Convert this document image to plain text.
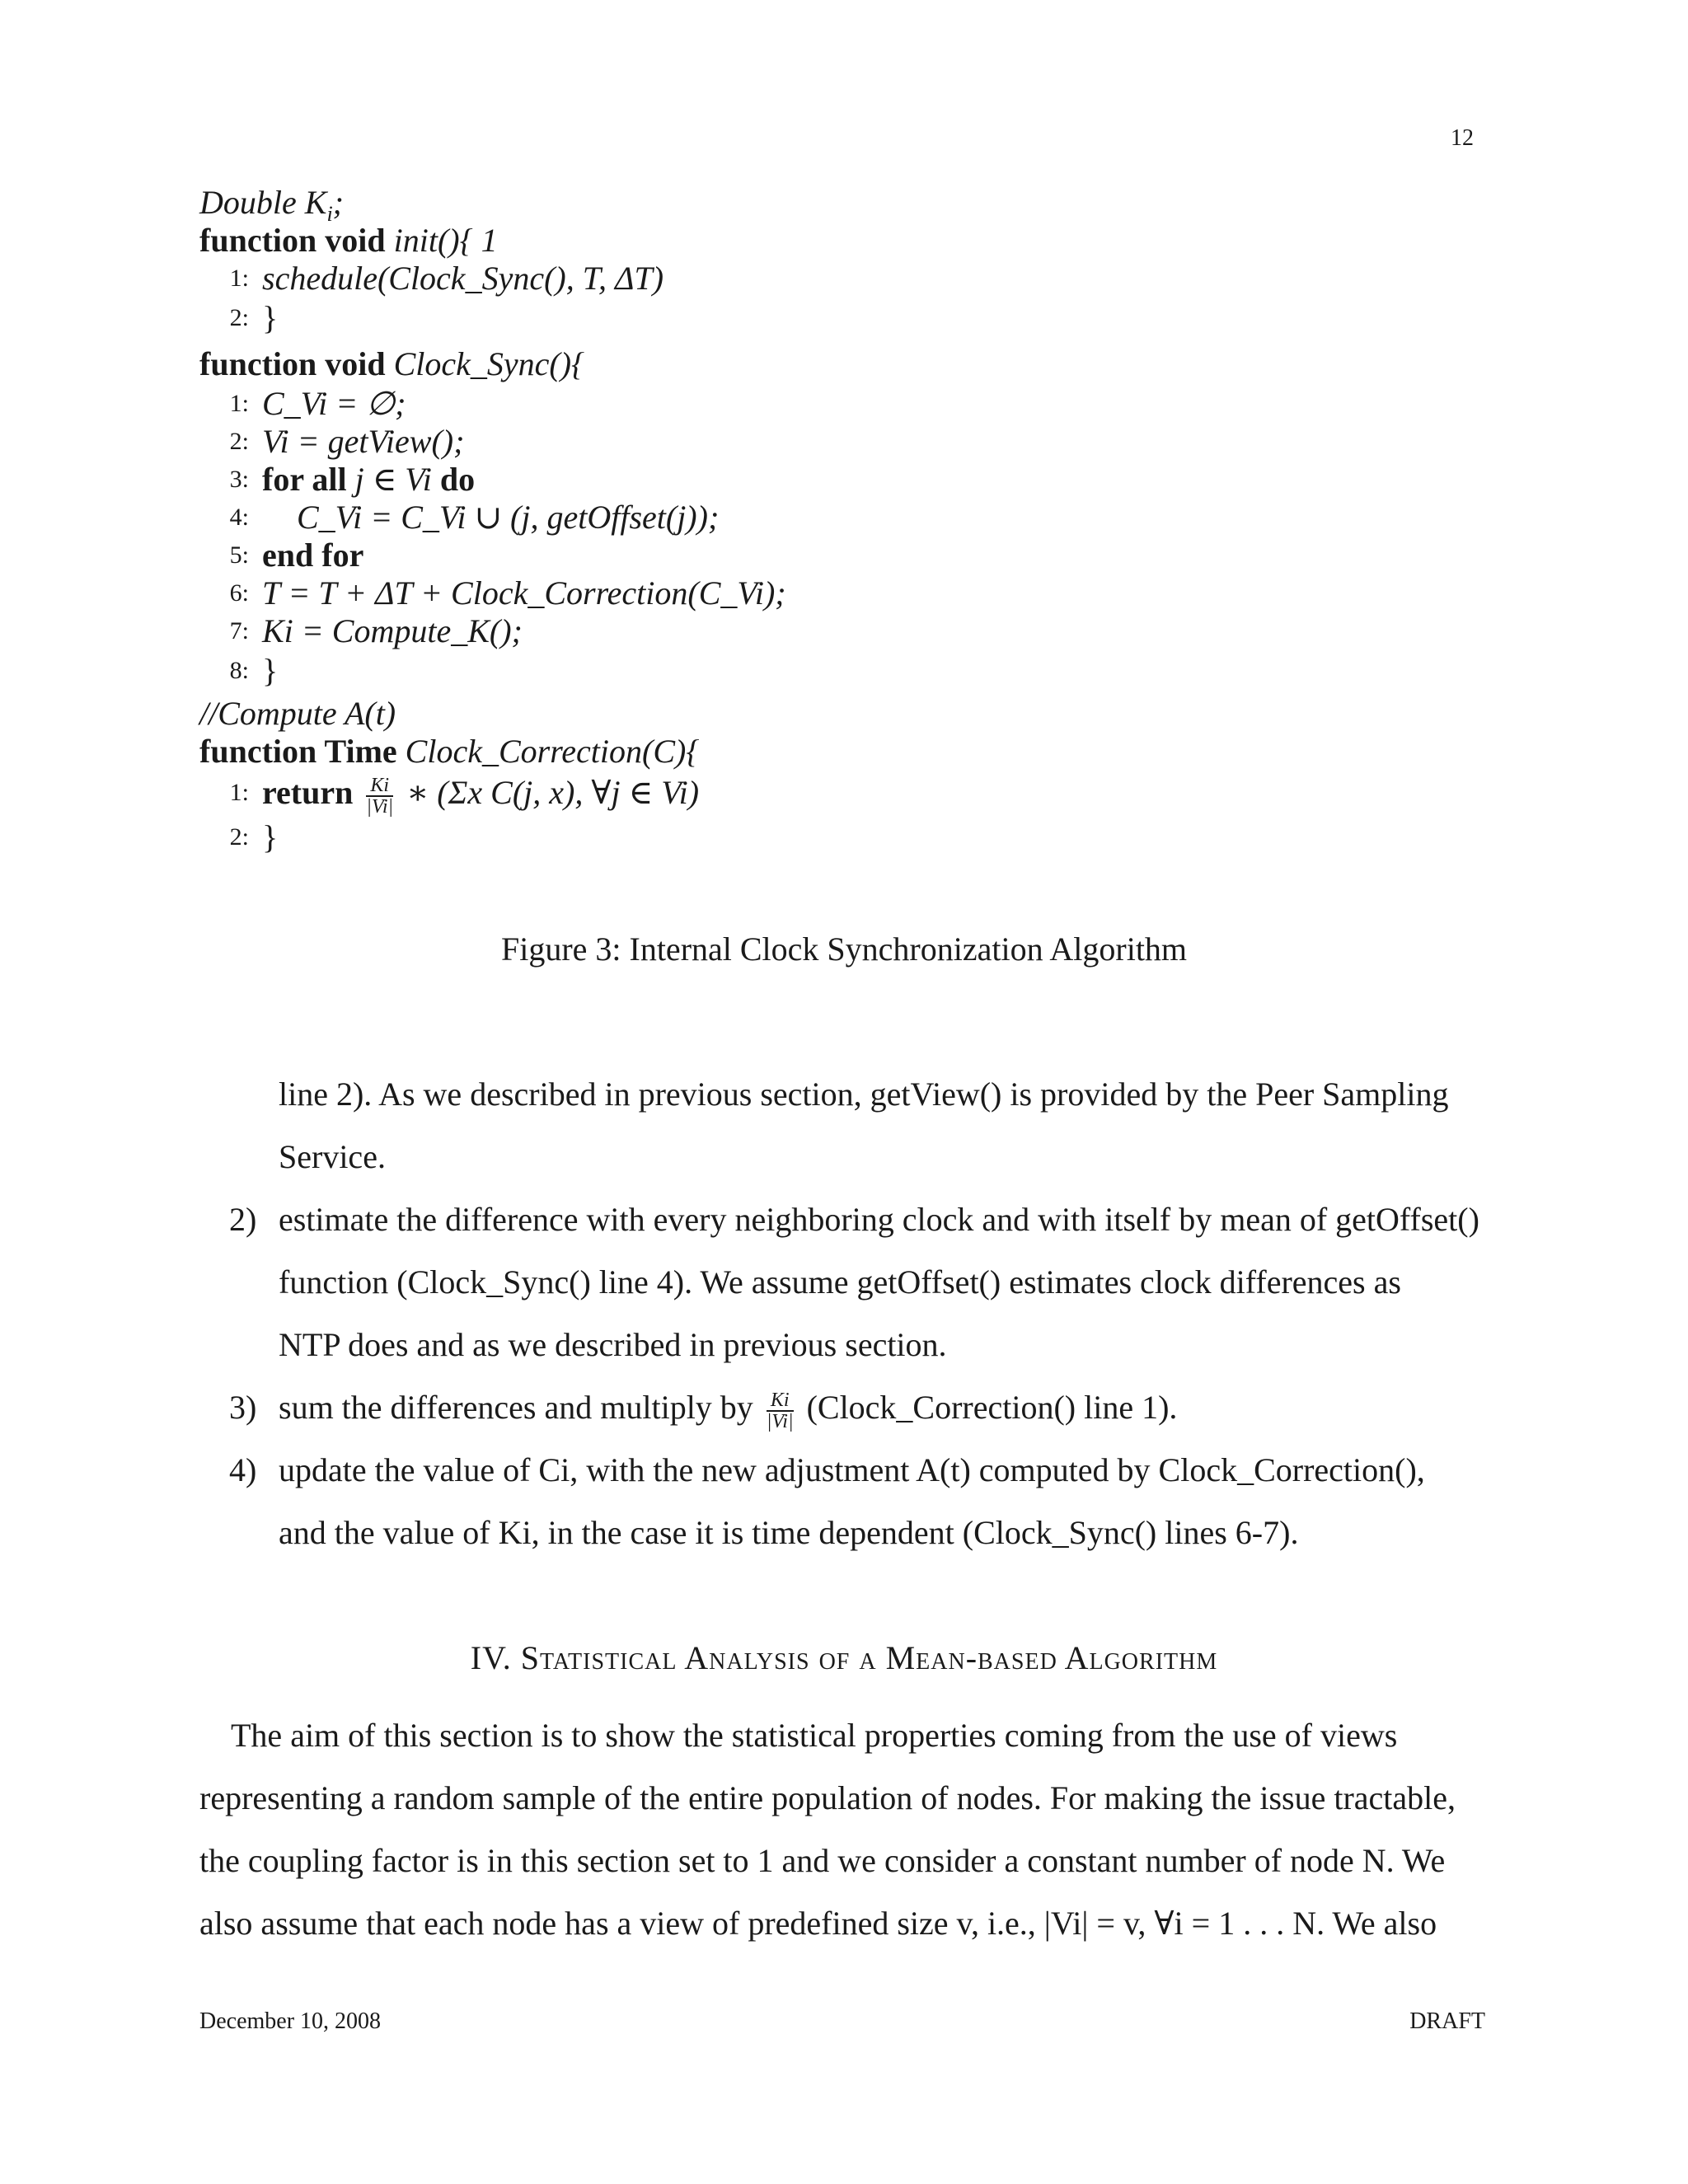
12
Double $K_i$;
function void init(){ 1
1: schedule(Clock_Sync(), T, ΔT)
2: }
function void Clock_Sync(){
1: C_Vi = ∅;
2: Vi = getView();
3: for all j ∈ Vi do
4: C_Vi = C_Vi ∪ (j, getOffset(j));
5: end for
6: T = T + ΔT + Clock_Correction(C_Vi);
7: Ki = Compute_K();
8: }
//Compute A(t)
function Time Clock_Correction(C){
1: return $\frac{Ki}{|Vi|}$ ∗ (Σx C(j, x), ∀j ∈ Vi)
2: }
Figure 3: Internal Clock Synchronization Algorithm
line 2). As we described in previous section, getView() is provided by the Peer Sampling
Service.
2) estimate the difference with every neighboring clock and with itself by mean of getOffset()
function (Clock_Sync() line 4). We assume getOffset() estimates clock differences as
NTP does and as we described in previous section.
3) sum the differences and multiply by $\frac{Ki}{|Vi|}$ (Clock_Correction() line 1).
4) update the value of Ci, with the new adjustment A(t) computed by Clock_Correction(),
and the value of Ki, in the case it is time dependent (Clock_Sync() lines 6-7).
IV. Statistical Analysis of a Mean-based Algorithm
The aim of this section is to show the statistical properties coming from the use of views
representing a random sample of the entire population of nodes. For making the issue tractable,
the coupling factor is in this section set to 1 and we consider a constant number of node N. We
also assume that each node has a view of predefined size v, i.e., |Vi| = v, ∀i = 1 . . . N. We also
December 10, 2008	DRAFT
